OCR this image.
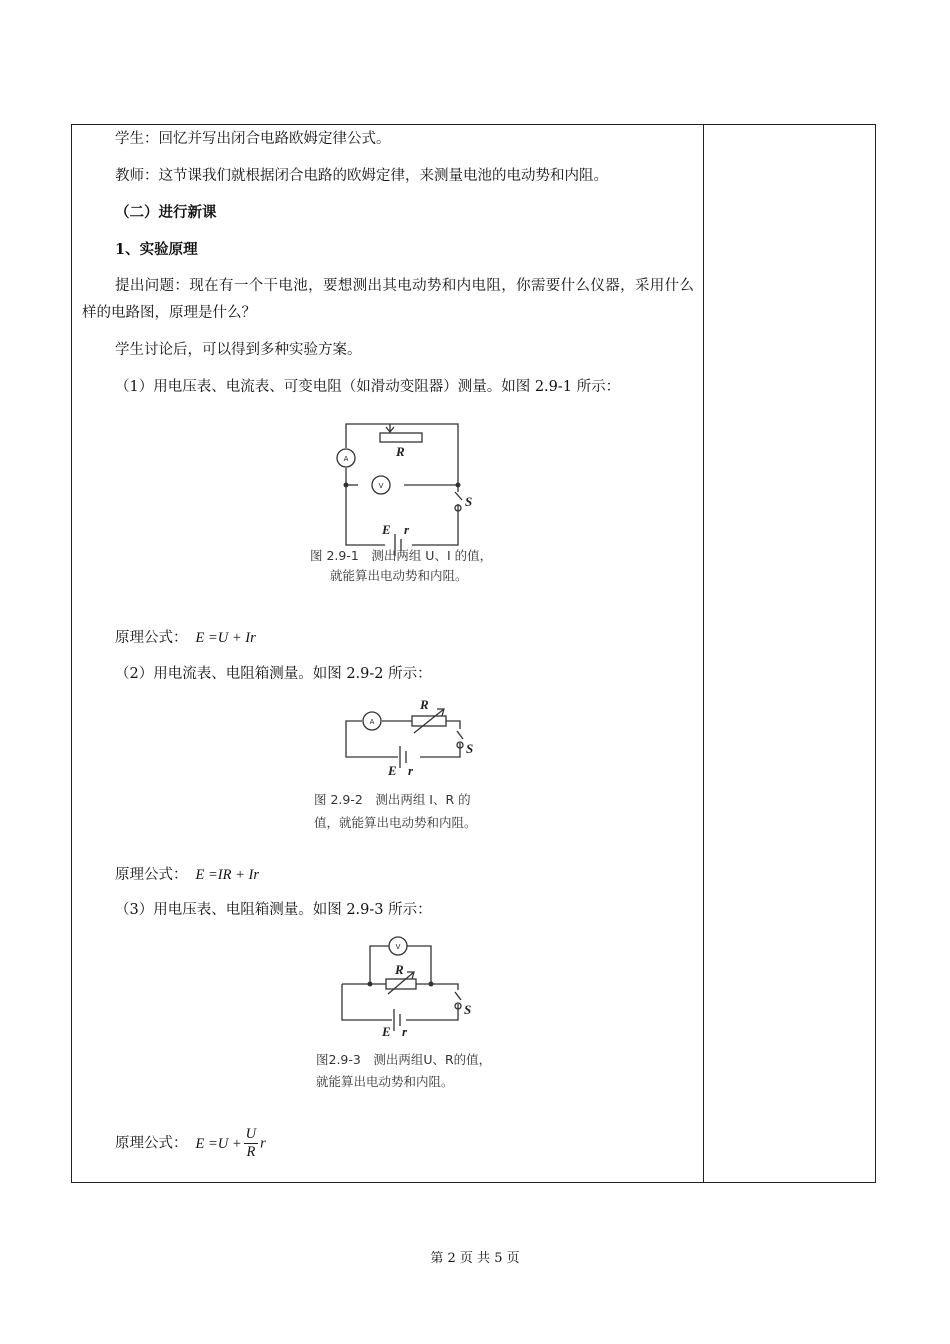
学生：回忆并写出闭合电路欧姆定律公式。
教师：这节课我们就根据闭合电路的欧姆定律，来测量电池的电动势和内阻。
（二）进行新课
1、实验原理
提出问题：现在有一个干电池，要想测出其电动势和内电阻，你需要什么仪器，采用什么样的电路图，原理是什么？
学生讨论后，可以得到多种实验方案。
（1）用电压表、电流表、可变电阻（如滑动变阻器）测量。如图 2.9-1 所示：
A
V
R
S
E r
图 2.9-1　测出两组 U、I 的值，
就能算出电动势和内阻。
原理公式： E =U + Ir
（2）用电流表、电阻箱测量。如图 2.9-2 所示：
A
R
S
E r
图 2.9-2　测出两组 I、R 的
值，就能算出电动势和内阻。
原理公式： E =IR + Ir
（3）用电压表、电阻箱测量。如图 2.9-3 所示：
V
R
S
E r
图2.9-3　测出两组U、R的值，
就能算出电动势和内阻。
原理公式： $E =U + \frac{U}{R}$ r
第 2 页 共 5 页
